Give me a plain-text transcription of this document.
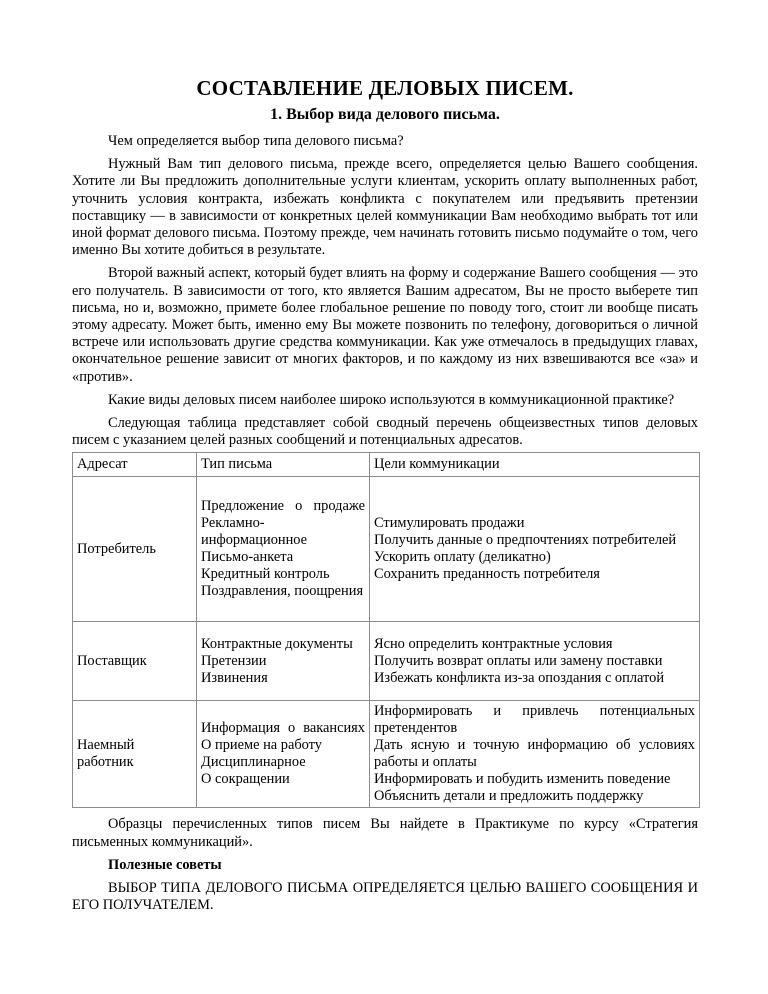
СОСТАВЛЕНИЕ ДЕЛОВЫХ ПИСЕМ.
1. Выбор вида делового письма.

Чем определяется выбор типа делового письма?

Нужный Вам тип делового письма, прежде всего, определяется целью Вашего сообщения. Хотите ли Вы предложить дополнительные услуги клиентам, ускорить оплату выполненных работ, уточнить условия контракта, избежать конфликта с покупателем или предъявить претензии поставщику — в зависимости от конкретных целей коммуникации Вам необходимо выбрать тот или иной формат делового письма. Поэтому прежде, чем начинать готовить письмо подумайте о том, чего именно Вы хотите добиться в результате.

Второй важный аспект, который будет влиять на форму и содержание Вашего сообщения — это его получатель. В зависимости от того, кто является Вашим адресатом, Вы не просто выберете тип письма, но и, возможно, примете более глобальное решение по поводу того, стоит ли вообще писать этому адресату. Может быть, именно ему Вы можете позвонить по телефону, договориться о личной встрече или использовать другие средства коммуникации. Как уже отмечалось в предыдущих главах, окончательное решение зависит от многих факторов, и по каждому из них взвешиваются все «за» и «против».

Какие виды деловых писем наиболее широко используются в коммуникационной практике?

Следующая таблица представляет собой сводный перечень общеизвестных типов деловых писем с указанием целей разных сообщений и потенциальных адресатов.

Адресат	Тип письма	Цели коммуникации
Потребитель	Предложение о продаже
Рекламно-информационное
Письмо-анкета
Кредитный контроль
Поздравления, поощрения	Стимулировать продажи
Получить данные о предпочтениях потребителей
Ускорить оплату (деликатно)
Сохранить преданность потребителя

Поставщик	Контрактные документы
Претензии
Извинения	Ясно определить контрактные условия
Получить возврат оплаты или замену поставки
Избежать конфликта из-за опоздания с оплатой

Наемный работник	Информация о вакансиях
О приеме на работу
Дисциплинарное
О сокращении	Информировать и привлечь потенциальных претендентов
Дать ясную и точную информацию об условиях работы и оплаты
Информировать и побудить изменить поведение
Объяснить детали и предложить поддержку

Образцы перечисленных типов писем Вы найдете в Практикуме по курсу «Стратегия письменных коммуникаций».

Полезные советы

ВЫБОР ТИПА ДЕЛОВОГО ПИСЬМА ОПРЕДЕЛЯЕТСЯ ЦЕЛЬЮ ВАШЕГО СООБЩЕНИЯ И ЕГО ПОЛУЧАТЕЛЕМ.
